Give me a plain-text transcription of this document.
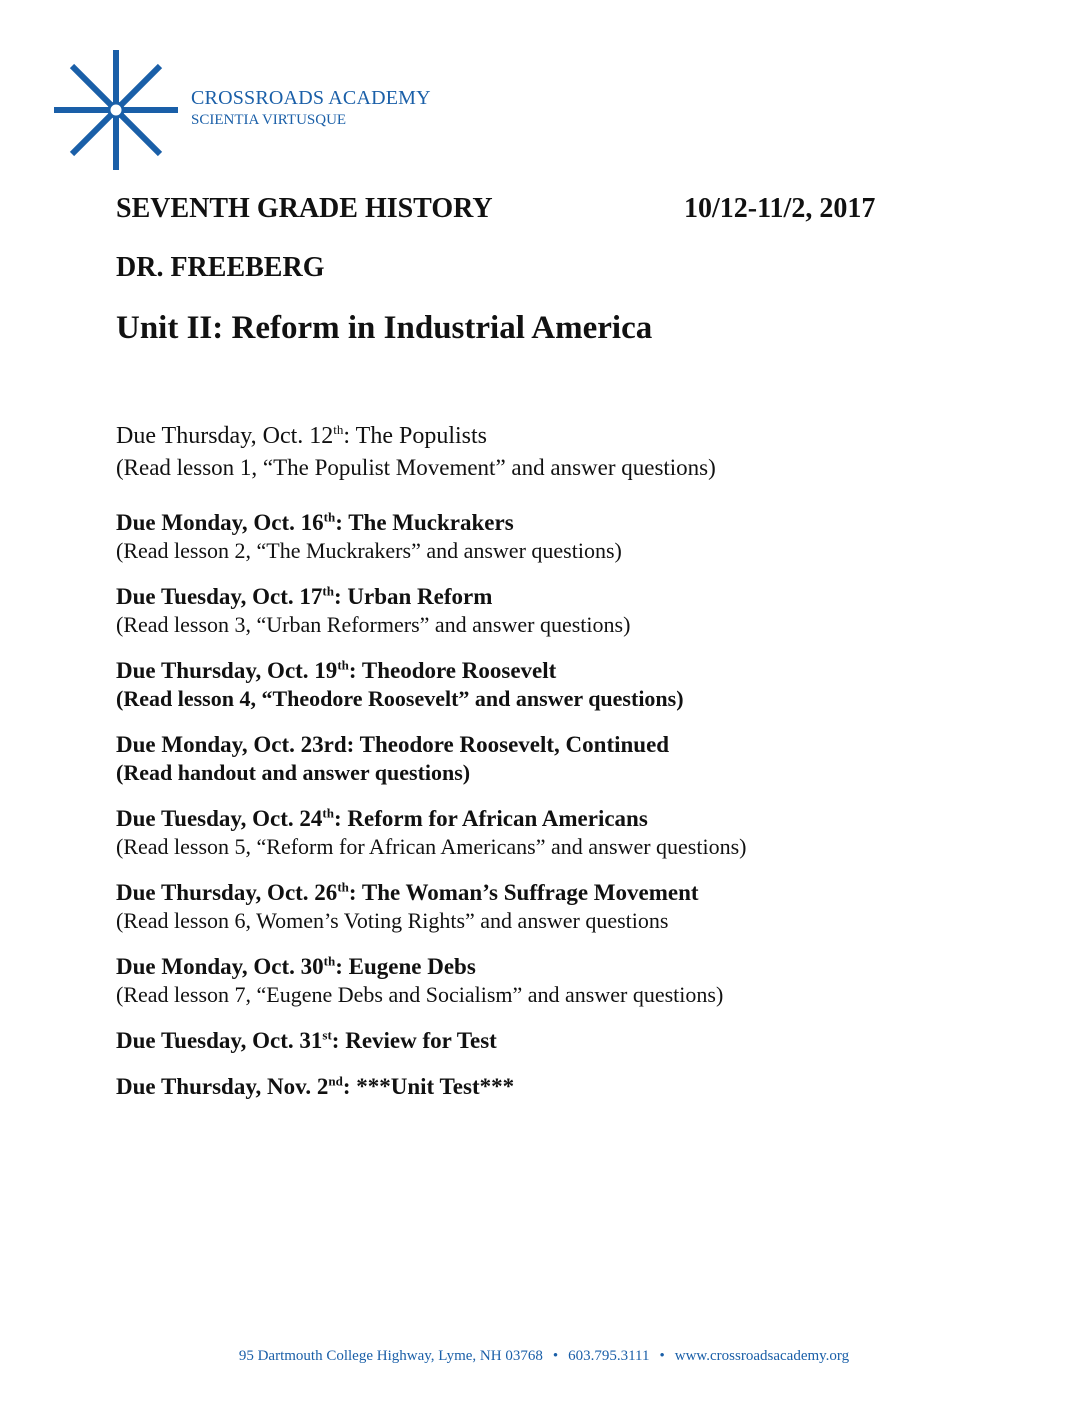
CROSSROADS ACADEMY
SCIENTIA VIRTUSQUE
SEVENTH GRADE HISTORY	10/12-11/2, 2017
DR. FREEBERG
Unit II: Reform in Industrial America
Due Thursday, Oct. 12th: The Populists
(Read lesson 1, “The Populist Movement” and answer questions)
Due Monday, Oct. 16th: The Muckrakers
(Read lesson 2, “The Muckrakers” and answer questions)
Due Tuesday, Oct. 17th: Urban Reform
(Read lesson 3, “Urban Reformers” and answer questions)
Due Thursday, Oct. 19th: Theodore Roosevelt
(Read lesson 4, “Theodore Roosevelt” and answer questions)
Due Monday, Oct. 23rd: Theodore Roosevelt, Continued
(Read handout and answer questions)
Due Tuesday, Oct. 24th: Reform for African Americans
(Read lesson 5, “Reform for African Americans” and answer questions)
Due Thursday, Oct. 26th: The Woman’s Suffrage Movement
(Read lesson 6, Women’s Voting Rights” and answer questions
Due Monday, Oct. 30th: Eugene Debs
(Read lesson 7, “Eugene Debs and Socialism” and answer questions)
Due Tuesday, Oct. 31st: Review for Test
Due Thursday, Nov. 2nd: ***Unit Test***
95 Dartmouth College Highway, Lyme, NH 03768 • 603.795.3111 • www.crossroadsacademy.org
